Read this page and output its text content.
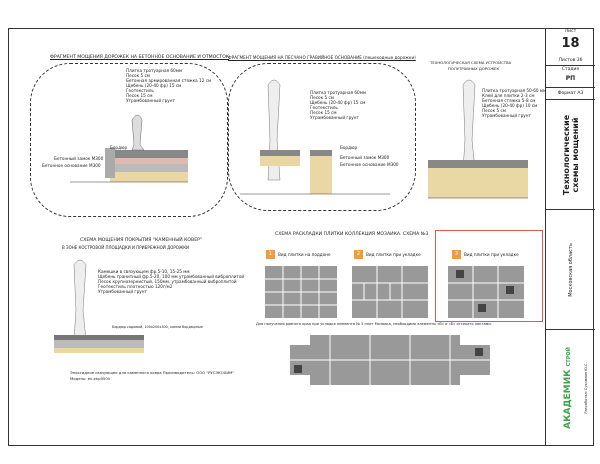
Лист
18
Листов 36
Стадия
РП
Формат А3
Технологические схемы мощений
Московская область
АКАДЕМИК СТРОЙ
Разработал: Сухомлин Ю.С.
ФРАГМЕНТ МОЩЕНИЯ ДОРОЖЕК НА БЕТОННОЕ ОСНОВАНИЕ И ОТМОСТОК
Плитка тротуарная 60мм
Песок 5 см
Бетонная армированная стяжка 12 см
Щебень (20-40 фр) 15 см
Геотекстиль
Песок 15 см
Утрамбованный грунт
Бордюр
Бетонный замок М300
Бетонное основание М300
ФРАГМЕНТ МОЩЕНИЯ НА ПЕСЧАНО ГРАВИЙНОЕ ОСНОВАНИЕ (пешеходные дорожки)
Плитка тротуарная 60мм
Песок 5 см
Щебень (20-40 фр) 15 см
Геотекстиль
Песок 15 см
Утрамбованный грунт
Бордюр
Бетонный замок М300
Бетонное основание М300
ТЕХНОЛОГИЧЕСКАЯ СХЕМА УСТРОЙСТВА
ПОЛУТРАВНЫХ ДОРОЖЕК
Плитка тротуарная 50-60 мм
Клей для плитки 2-3 см
Бетонная стяжка 5-8 см
Щебень (20-40 фр) 10 см
Песок 5 см
Утрамбованный грунт
СХЕМА МОЩЕНИЯ ПОКРЫТИЯ "КАМЕННЫЙ КОВЕР"
В ЗОНЕ КОСТРОВОЙ ПЛОЩАДКИ И ПРИБРЕЖНОЙ ДОРОЖКИ
Камешки в связующем фр.5-10, 15-25 мм
Щебень гранитный фр.5-20, 100 мм утрамбованный виброплитой
Песок крупнозернистый, 150мм, утрамбованный виброплитой
Геотекстиль плотностью 120г/м2
Утрамбованный грунт
Бордюр садовый, 100х200х300, камни бордюрные
Эпоксидное связующее для каменного ковра Производитель: ООО "РУСЭКОХИМ"
Модель: ev-ekp950V
СХЕМА РАСКЛАДКИ ПЛИТКИ КОЛЛЕКЦИЯ МОЗАИКА. СХЕМА №3
1	Вид плитки на поддоне	2	Вид плитки при укладке	3	Вид плитки при укладке
Для получения ровного края при укладке элемента № 3 плит Мозаика, необходимо элементы «В» и «Б» отсекать листами.
